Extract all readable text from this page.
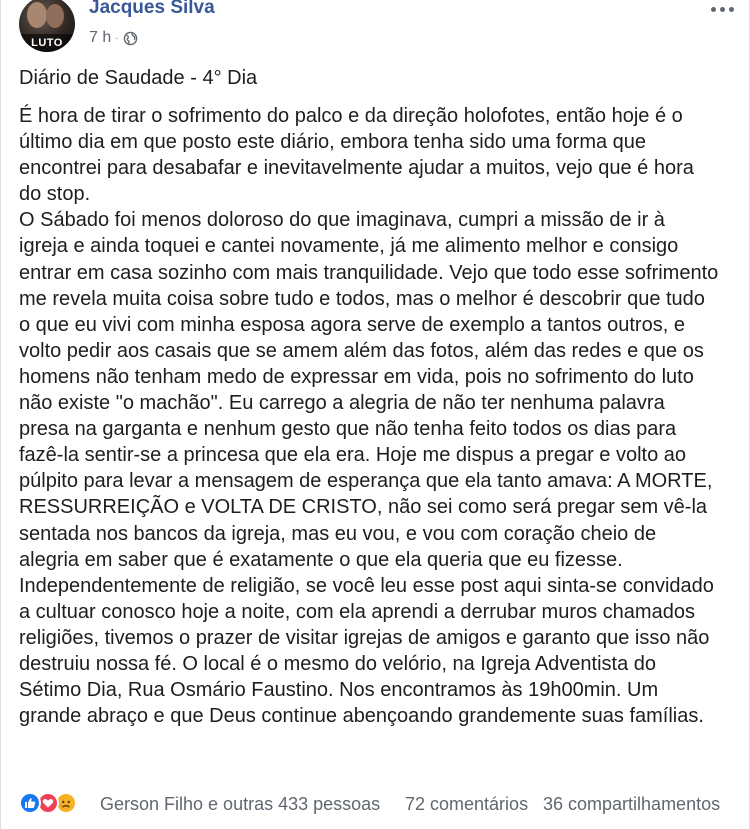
LUTO
Jacques Silva
7 h ·
Diário de Saudade - 4° Dia
É hora de tirar o sofrimento do palco e da direção holofotes, então hoje é o
último dia em que posto este diário, embora tenha sido uma forma que
encontrei para desabafar e inevitavelmente ajudar a muitos, vejo que é hora
do stop.
O Sábado foi menos doloroso do que imaginava, cumpri a missão de ir à
igreja e ainda toquei e cantei novamente, já me alimento melhor e consigo
entrar em casa sozinho com mais tranquilidade. Vejo que todo esse sofrimento
me revela muita coisa sobre tudo e todos, mas o melhor é descobrir que tudo
o que eu vivi com minha esposa agora serve de exemplo a tantos outros, e
volto pedir aos casais que se amem além das fotos, além das redes e que os
homens não tenham medo de expressar em vida, pois no sofrimento do luto
não existe "o machão". Eu carrego a alegria de não ter nenhuma palavra
presa na garganta e nenhum gesto que não tenha feito todos os dias para
fazê-la sentir-se a princesa que ela era. Hoje me dispus a pregar e volto ao
púlpito para levar a mensagem de esperança que ela tanto amava: A MORTE,
RESSURREIÇÃO e VOLTA DE CRISTO, não sei como será pregar sem vê-la
sentada nos bancos da igreja, mas eu vou, e vou com coração cheio de
alegria em saber que é exatamente o que ela queria que eu fizesse.
Independentemente de religião, se você leu esse post aqui sinta-se convidado
a cultuar conosco hoje a noite, com ela aprendi a derrubar muros chamados
religiões, tivemos o prazer de visitar igrejas de amigos e garanto que isso não
destruiu nossa fé. O local é o mesmo do velório, na Igreja Adventista do
Sétimo Dia, Rua Osmário Faustino. Nos encontramos às 19h00min. Um
grande abraço e que Deus continue abençoando grandemente suas famílias.
Gerson Filho e outras 433 pessoas 72 comentários 36 compartilhamentos
